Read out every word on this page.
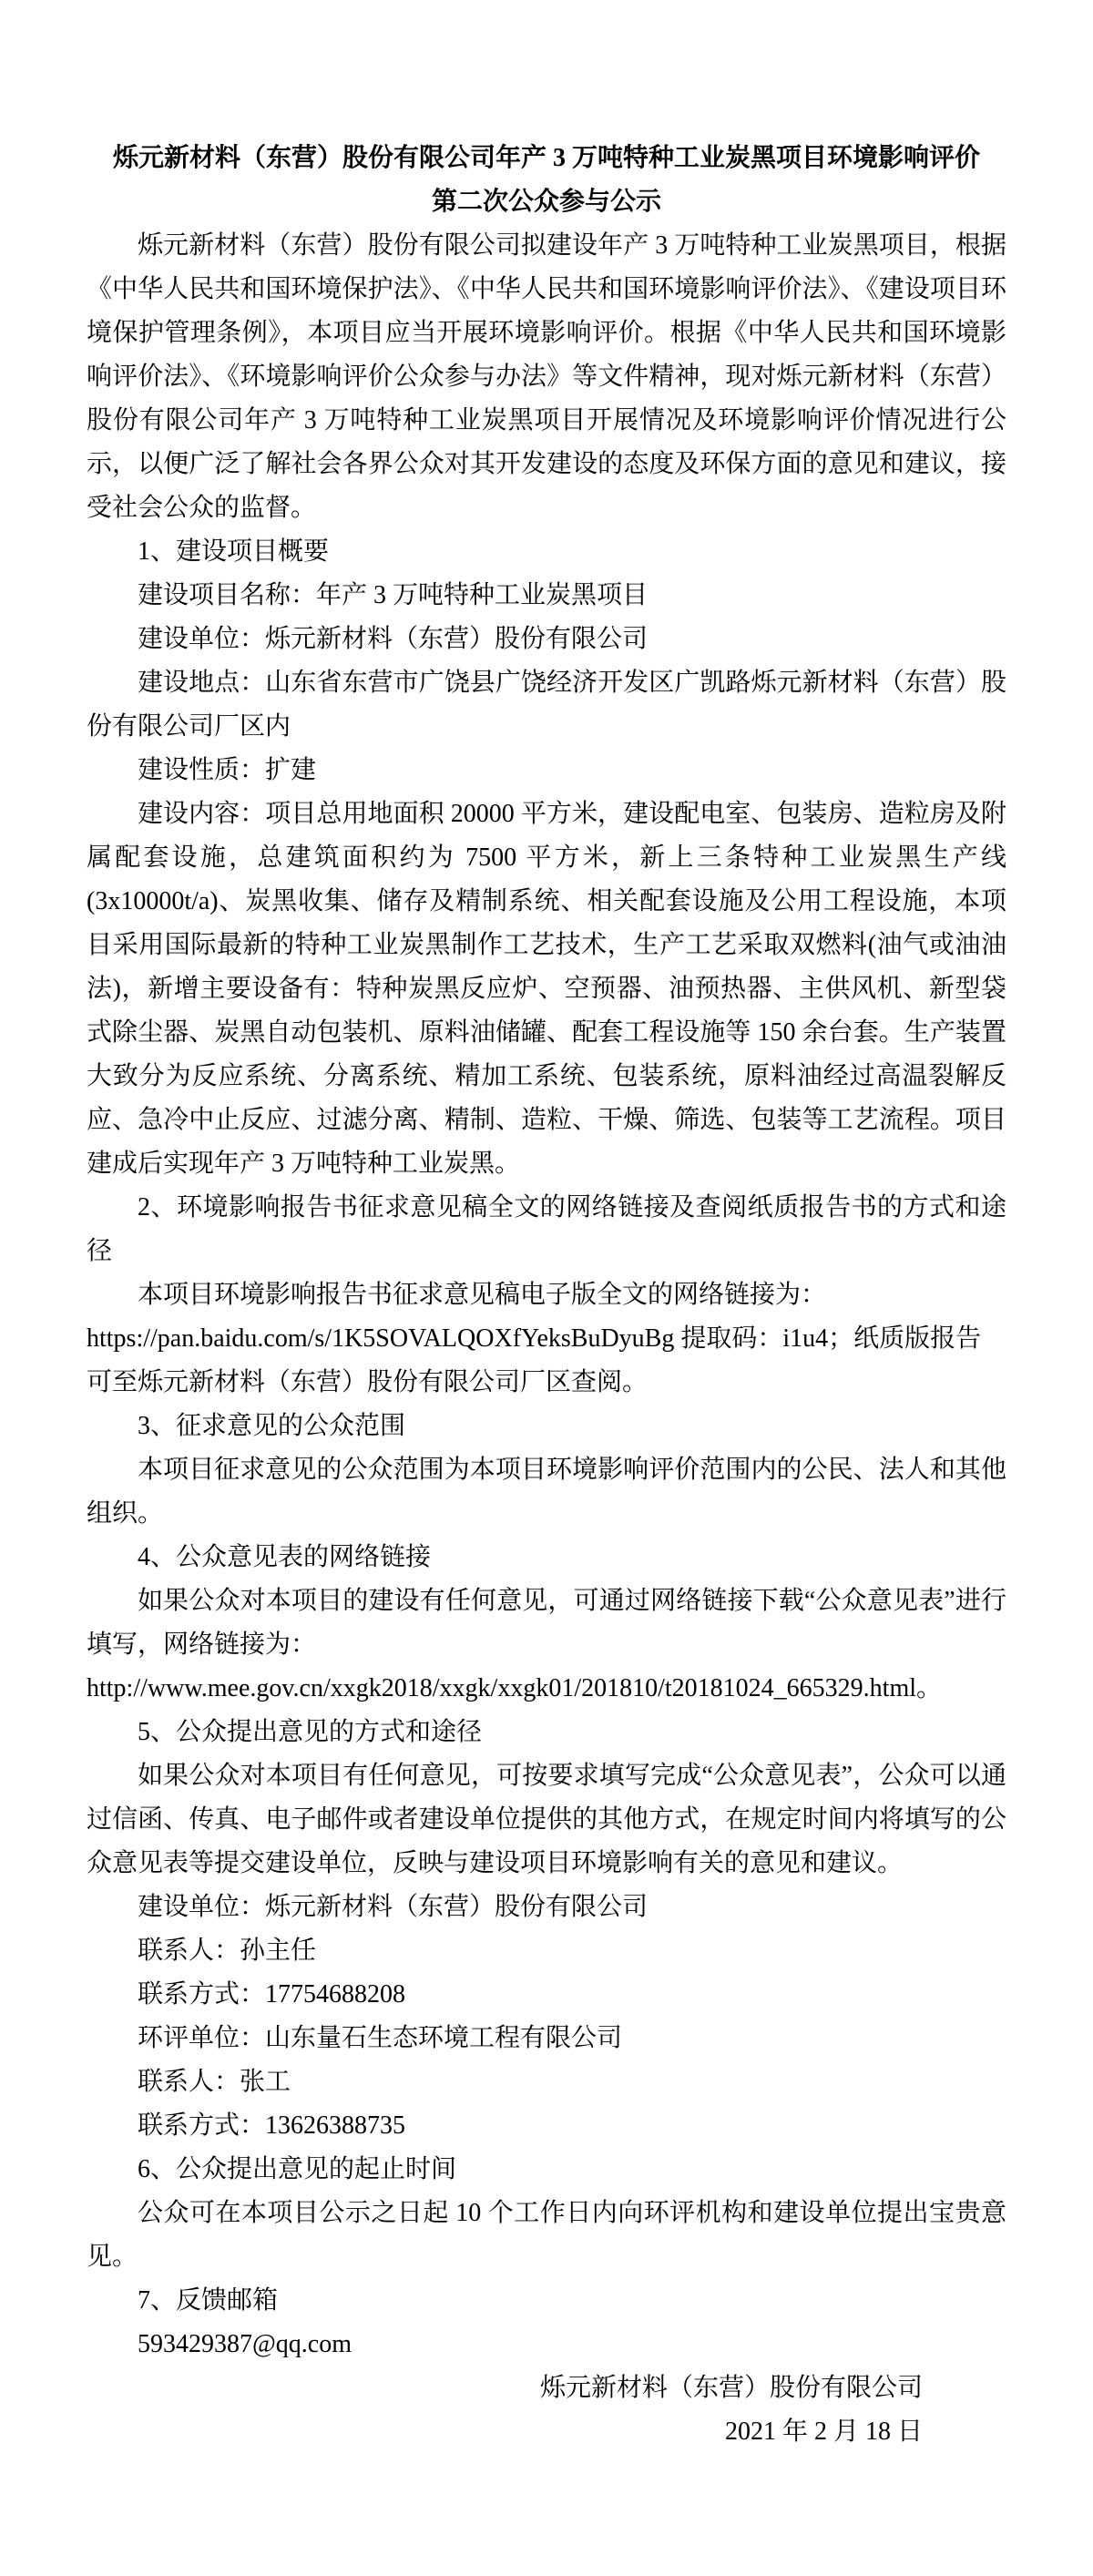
烁元新材料（东营）股份有限公司年产 3 万吨特种工业炭黑项目环境影响评价
第二次公众参与公示

烁元新材料（东营）股份有限公司拟建设年产 3 万吨特种工业炭黑项目，根据《中华人民共和国环境保护法》、《中华人民共和国环境影响评价法》、《建设项目环境保护管理条例》，本项目应当开展环境影响评价。根据《中华人民共和国环境影响评价法》、《环境影响评价公众参与办法》等文件精神，现对烁元新材料（东营）股份有限公司年产 3 万吨特种工业炭黑项目开展情况及环境影响评价情况进行公示，以便广泛了解社会各界公众对其开发建设的态度及环保方面的意见和建议，接受社会公众的监督。

1、建设项目概要

建设项目名称：年产 3 万吨特种工业炭黑项目

建设单位：烁元新材料（东营）股份有限公司

建设地点：山东省东营市广饶县广饶经济开发区广凯路烁元新材料（东营）股份有限公司厂区内

建设性质：扩建

建设内容：项目总用地面积 20000 平方米，建设配电室、包装房、造粒房及附属配套设施，总建筑面积约为 7500 平方米，新上三条特种工业炭黑生产线(3x10000t/a)、炭黑收集、储存及精制系统、相关配套设施及公用工程设施，本项目采用国际最新的特种工业炭黑制作工艺技术，生产工艺采取双燃料(油气或油油法)，新增主要设备有：特种炭黑反应炉、空预器、油预热器、主供风机、新型袋式除尘器、炭黑自动包装机、原料油储罐、配套工程设施等 150 余台套。生产装置大致分为反应系统、分离系统、精加工系统、包装系统，原料油经过高温裂解反应、急冷中止反应、过滤分离、精制、造粒、干燥、筛选、包装等工艺流程。项目建成后实现年产 3 万吨特种工业炭黑。

2、环境影响报告书征求意见稿全文的网络链接及查阅纸质报告书的方式和途径

本项目环境影响报告书征求意见稿电子版全文的网络链接为：

https://pan.baidu.com/s/1K5SOVALQOXfYeksBuDyuBg 提取码：i1u4；纸质版报告可至烁元新材料（东营）股份有限公司厂区查阅。

3、征求意见的公众范围

本项目征求意见的公众范围为本项目环境影响评价范围内的公民、法人和其他组织。

4、公众意见表的网络链接

如果公众对本项目的建设有任何意见，可通过网络链接下载“公众意见表”进行填写，网络链接为：

http://www.mee.gov.cn/xxgk2018/xxgk/xxgk01/201810/t20181024_665329.html。

5、公众提出意见的方式和途径

如果公众对本项目有任何意见，可按要求填写完成“公众意见表”，公众可以通过信函、传真、电子邮件或者建设单位提供的其他方式，在规定时间内将填写的公众意见表等提交建设单位，反映与建设项目环境影响有关的意见和建议。

建设单位：烁元新材料（东营）股份有限公司

联系人：孙主任

联系方式：17754688208

环评单位：山东量石生态环境工程有限公司

联系人：张工

联系方式：13626388735

6、公众提出意见的起止时间

公众可在本项目公示之日起 10 个工作日内向环评机构和建设单位提出宝贵意见。

7、反馈邮箱

593429387@qq.com

烁元新材料（东营）股份有限公司

2021 年 2 月 18 日
